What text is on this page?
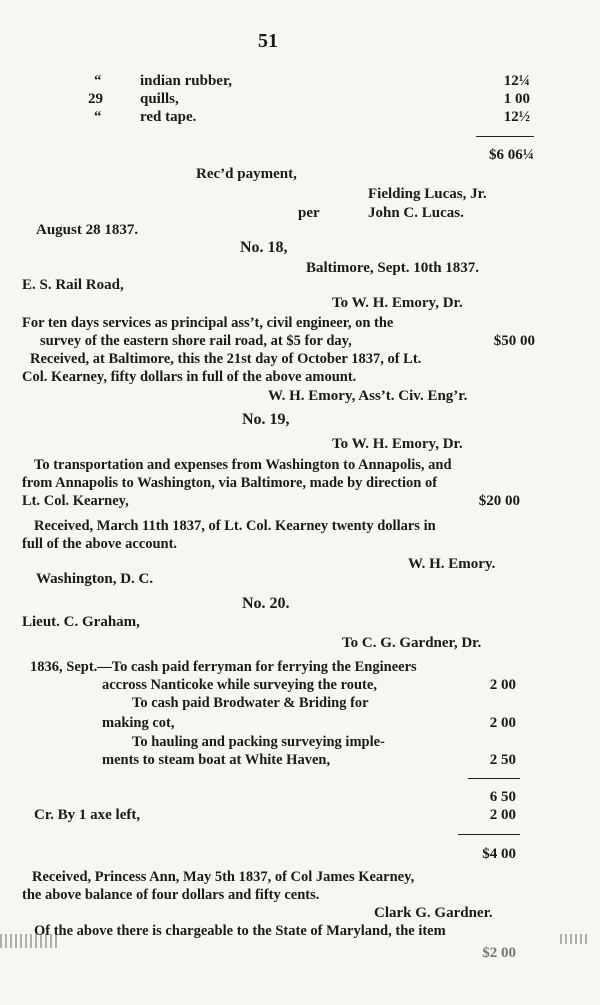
51
“	indian rubber,	12¼
29 quills,	1 00
“	red tape.	12½
$6 06¼
Rec’d payment,
Fielding Lucas, Jr.
per	John C. Lucas.
August 28 1837.
No. 18,
Baltimore, Sept. 10th 1837.
E. S. Rail Road,
To W. H. Emory, Dr.
For ten days services as principal ass’t, civil engineer, on the
survey of the eastern shore rail road, at $5 for day,	$50 00
Received, at Baltimore, this the 21st day of October 1837, of Lt.
Col. Kearney, fifty dollars in full of the above amount.
W. H. Emory, Ass’t. Civ. Eng’r.
No. 19,
To W. H. Emory, Dr.
To transportation and expenses from Washington to Annapolis, and
from Annapolis to Washington, via Baltimore, made by direction of
Lt. Col. Kearney,	$20 00
Received, March 11th 1837, of Lt. Col. Kearney twenty dollars in
full of the above account.
W. H. Emory.
Washington, D. C.
No. 20.
Lieut. C. Graham,
To C. G. Gardner, Dr.
1836, Sept.—To cash paid ferryman for ferrying the Engineers
accross Nanticoke while surveying the route,	2 00
To cash paid Brodwater & Briding for
making cot,	2 00
To hauling and packing surveying imple-
ments to steam boat at White Haven,	2 50
6 50
Cr. By 1 axe left,	2 00
$4 00
Received, Princess Ann, May 5th 1837, of Col James Kearney,
the above balance of four dollars and fifty cents.
Clark G. Gardner.
Of the above there is chargeable to the State of Maryland, the item
$2 00
